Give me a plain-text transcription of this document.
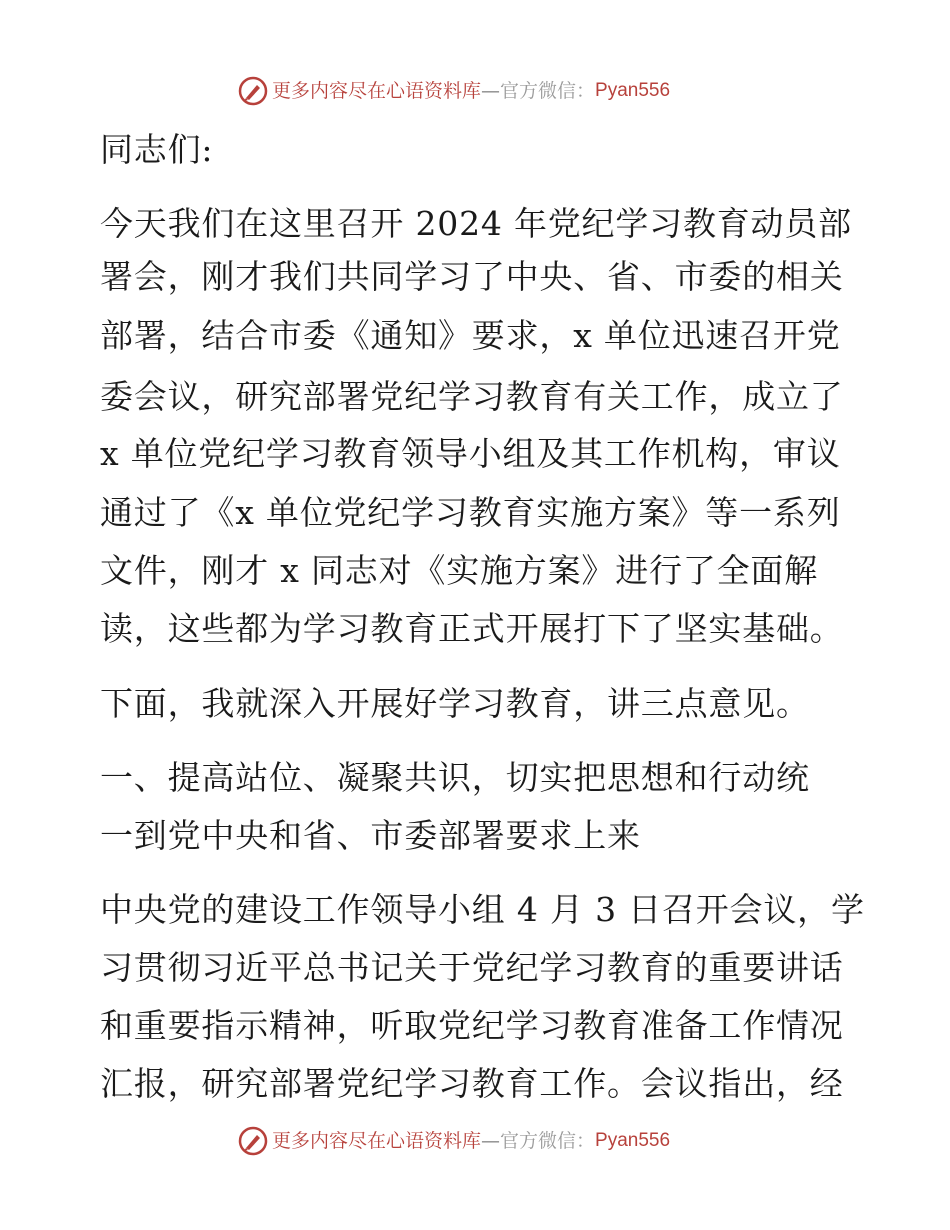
更多内容尽在心语资料库 — 官方微信： Pyan556

同志们:

今天我们在这里召开 2024 年党纪学习教育动员部

署会，刚才我们共同学习了中央、省、市委的相关

部署，结合市委《通知》要求，x 单位迅速召开党

委会议，研究部署党纪学习教育有关工作，成立了

x 单位党纪学习教育领导小组及其工作机构，审议

通过了《x 单位党纪学习教育实施方案》等一系列

文件，刚才 x 同志对《实施方案》进行了全面解

读，这些都为学习教育正式开展打下了坚实基础。

下面，我就深入开展好学习教育，讲三点意见。

一、提高站位、凝聚共识，切实把思想和行动统

一到党中央和省、市委部署要求上来

中央党的建设工作领导小组 4 月 3 日召开会议，学

习贯彻习近平总书记关于党纪学习教育的重要讲话

和重要指示精神，听取党纪学习教育准备工作情况

汇报，研究部署党纪学习教育工作。会议指出，经

更多内容尽在心语资料库 — 官方微信： Pyan556
